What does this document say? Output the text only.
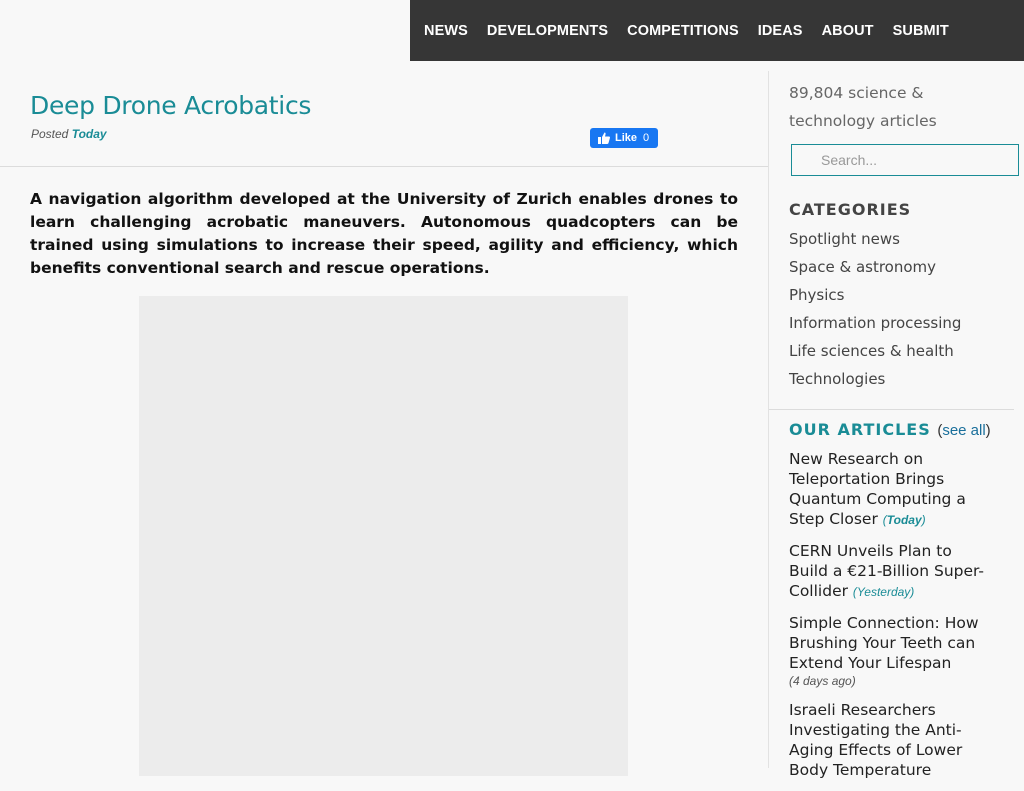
NEWS DEVELOPMENTS COMPETITIONS IDEAS ABOUT SUBMIT
Deep Drone Acrobatics
Posted Today	Like 0

A navigation algorithm developed at the University of Zurich enables drones to learn challenging acrobatic maneuvers. Autonomous quadcopters can be trained using simulations to increase their speed, agility and efficiency, which benefits conventional search and rescue operations.

89,804 science & technology articles
Search...
CATEGORIES
Spotlight news
Space & astronomy
Physics
Information processing
Life sciences & health
Technologies
OUR ARTICLES (see all)
New Research on Teleportation Brings Quantum Computing a Step Closer (Today)
CERN Unveils Plan to Build a €21-Billion Super-Collider (Yesterday)
Simple Connection: How Brushing Your Teeth can Extend Your Lifespan
(4 days ago)
Israeli Researchers Investigating the Anti-Aging Effects of Lower Body Temperature
